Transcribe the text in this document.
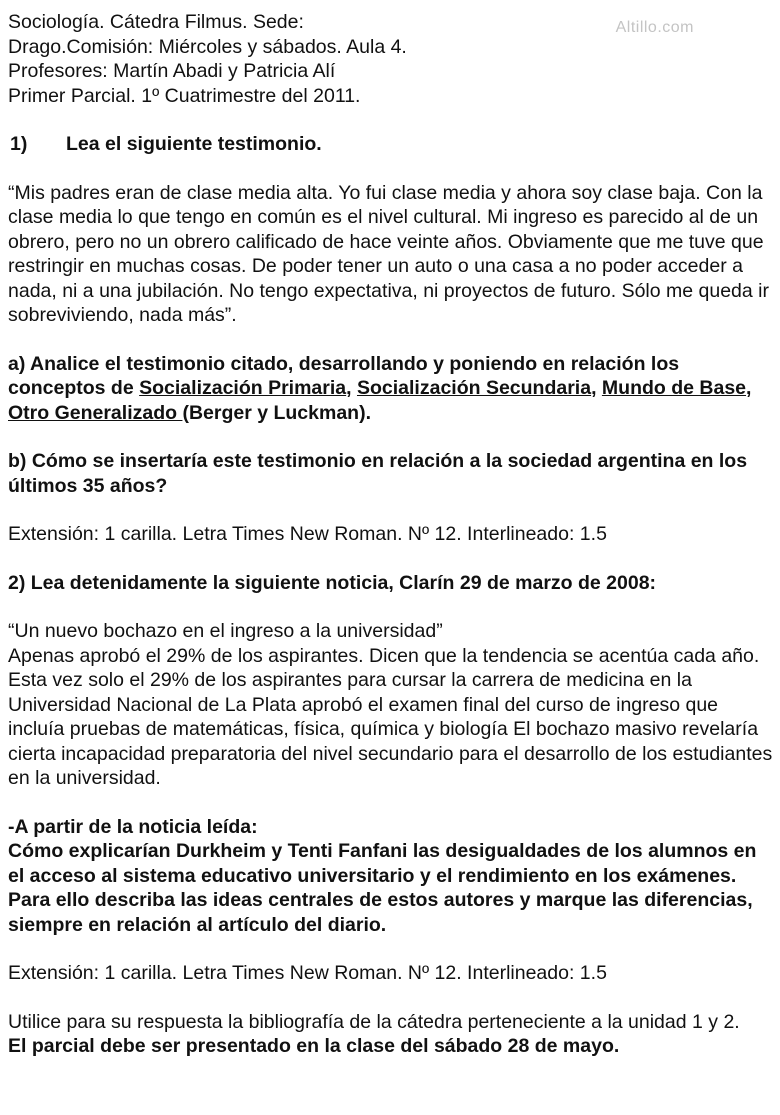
Altillo.com

Sociología. Cátedra Filmus. Sede:

Drago.Comisión: Miércoles y sábados. Aula 4.

Profesores: Martín Abadi y Patricia Alí

Primer Parcial. 1º Cuatrimestre del 2011.

1) Lea el siguiente testimonio.

“Mis padres eran de clase media alta. Yo fui clase media y ahora soy clase baja. Con la clase media lo que tengo en común es el nivel cultural. Mi ingreso es parecido al de un obrero, pero no un obrero calificado de hace veinte años. Obviamente que me tuve que restringir en muchas cosas. De poder tener un auto o una casa a no poder acceder a nada, ni a una jubilación. No tengo expectativa, ni proyectos de futuro. Sólo me queda ir sobreviviendo, nada más”.

a) Analice el testimonio citado, desarrollando y poniendo en relación los conceptos de Socialización Primaria, Socialización Secundaria, Mundo de Base, Otro Generalizado (Berger y Luckman).

b) Cómo se insertaría este testimonio en relación a la sociedad argentina en los últimos 35 años?

Extensión: 1 carilla. Letra Times New Roman. Nº 12. Interlineado: 1.5

2) Lea detenidamente la siguiente noticia, Clarín 29 de marzo de 2008:

“Un nuevo bochazo en el ingreso a la universidad”

Apenas aprobó el 29% de los aspirantes. Dicen que la tendencia se acentúa cada año. Esta vez solo el 29% de los aspirantes para cursar la carrera de medicina en la Universidad Nacional de La Plata aprobó el examen final del curso de ingreso que incluía pruebas de matemáticas, física, química y biología El bochazo masivo revelaría cierta incapacidad preparatoria del nivel secundario para el desarrollo de los estudiantes en la universidad.

-A partir de la noticia leída:

Cómo explicarían Durkheim y Tenti Fanfani las desigualdades de los alumnos en el acceso al sistema educativo universitario y el rendimiento en los exámenes. Para ello describa las ideas centrales de estos autores y marque las diferencias, siempre en relación al artículo del diario.

Extensión: 1 carilla. Letra Times New Roman. Nº 12. Interlineado: 1.5

Utilice para su respuesta la bibliografía de la cátedra perteneciente a la unidad 1 y 2.

El parcial debe ser presentado en la clase del sábado 28 de mayo.
